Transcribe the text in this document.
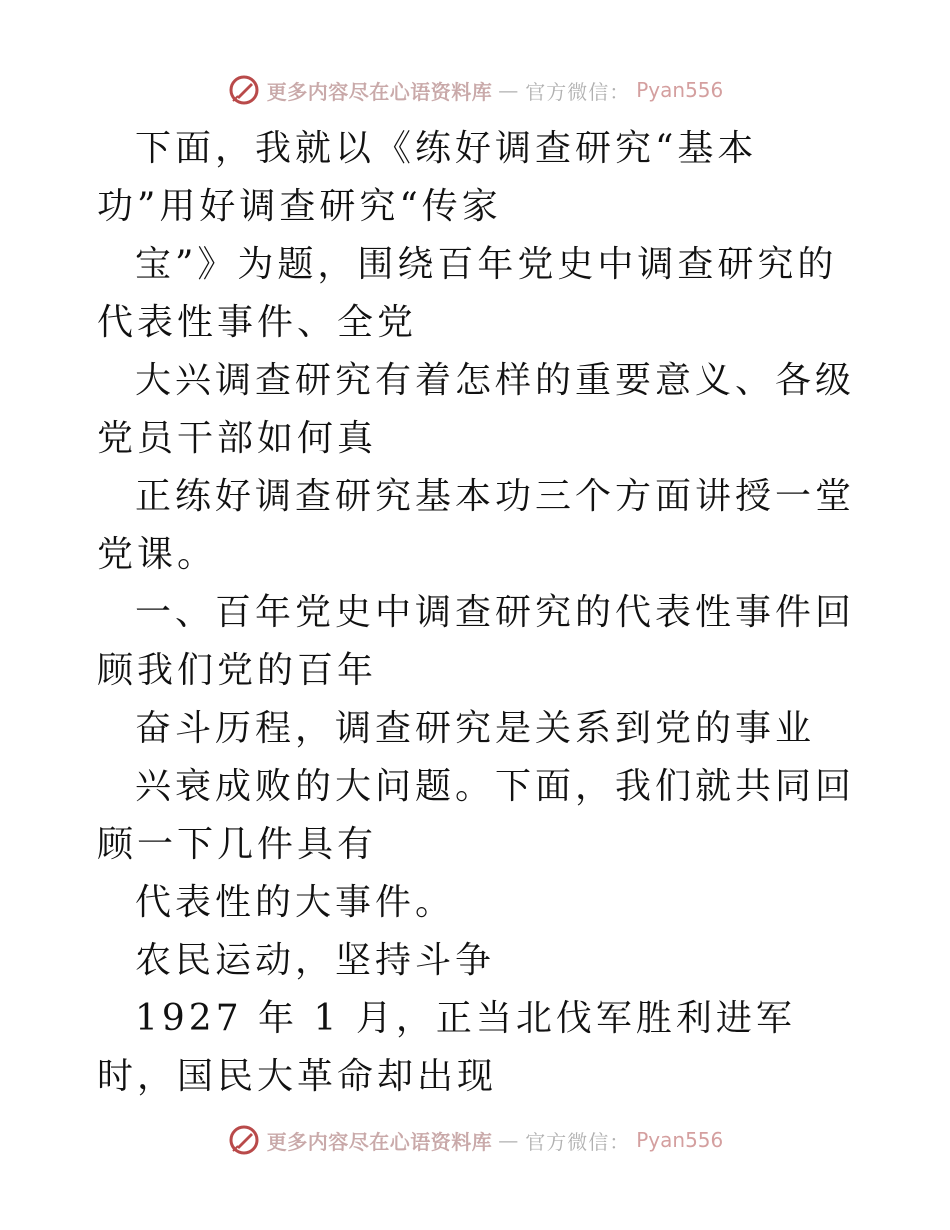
更多内容尽在心语资料库 — 官方微信： Pyan556

下面，我就以《练好调查研究“基本功”用好调查研究“传家

宝”》为题，围绕百年党史中调查研究的代表性事件、全党

大兴调查研究有着怎样的重要意义、各级党员干部如何真

正练好调查研究基本功三个方面讲授一堂党课。

一、百年党史中调查研究的代表性事件回顾我们党的百年

奋斗历程，调查研究是关系到党的事业

兴衰成败的大问题。下面，我们就共同回顾一下几件具有

代表性的大事件。

农民运动，坚持斗争

1927 年 1 月，正当北伐军胜利进军时，国民大革命却出现

更多内容尽在心语资料库 — 官方微信： Pyan556
